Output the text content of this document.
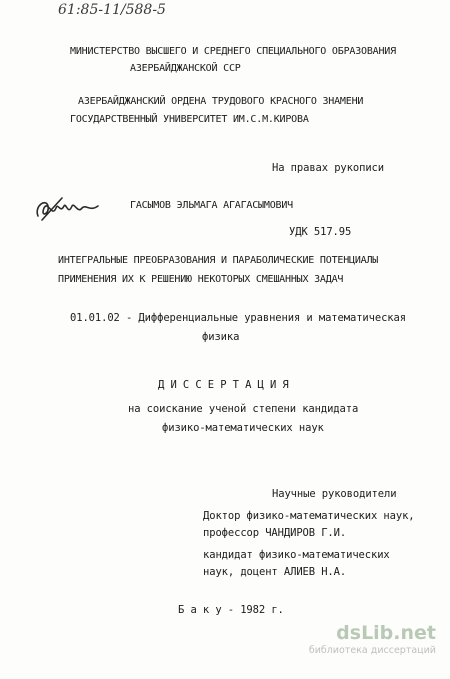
61:85-11/588-5
МИНИСТЕРСТВО ВЫСШЕГО И СРЕДНЕГО СПЕЦИАЛЬНОГО ОБРАЗОВАНИЯ
АЗЕРБАЙДЖАНСКОЙ ССР
АЗЕРБАЙДЖАНСКИЙ ОРДЕНА ТРУДОВОГО КРАСНОГО ЗНАМЕНИ
ГОСУДАРСТВЕННЫЙ УНИВЕРСИТЕТ ИМ.С.М.КИРОВА
На правах рукописи
ГАСЫМОВ ЭЛЬМАГА АГАГАСЫМОВИЧ
УДК 517.95
ИНТЕГРАЛЬНЫЕ ПРЕОБРАЗОВАНИЯ И ПАРАБОЛИЧЕСКИЕ ПОТЕНЦИАЛЫ
ПРИМЕНЕНИЯ ИХ К РЕШЕНИЮ НЕКОТОРЫХ СМЕШАННЫХ ЗАДАЧ
01.01.02 - Дифференциальные уравнения и математическая
физика
Д И С С Е Р Т А Ц И Я
на соискание ученой степени кандидата
физико-математических наук
Научные руководители
Доктор физико-математических наук,
профессор ЧАНДИРОВ Г.И.
кандидат физико-математических
наук, доцент АЛИЕВ Н.А.
Б а к у - 1982 г.
dsLib.net
библиотека диссертаций
